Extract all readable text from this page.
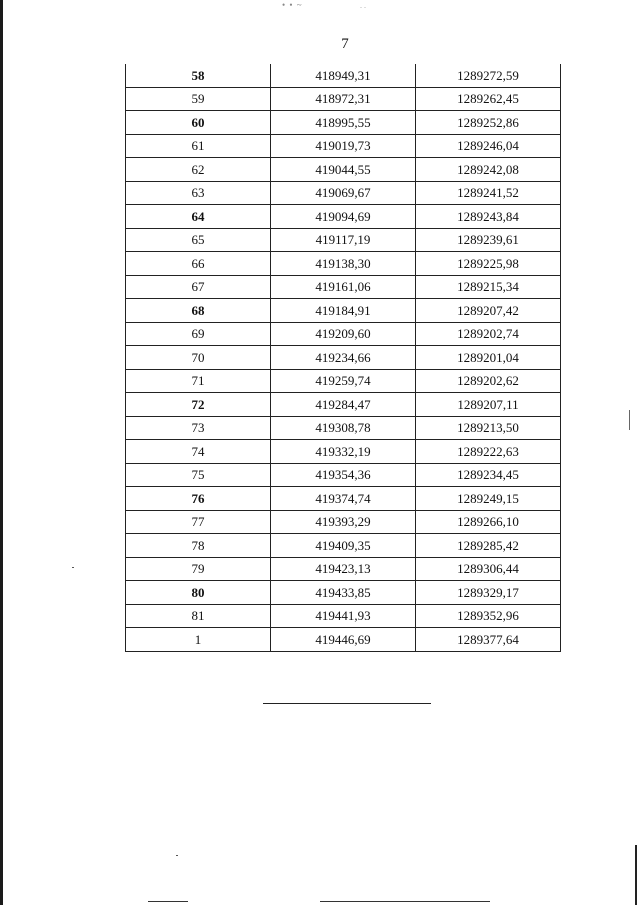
• • ~	. .
7
58	418949,31	1289272,59
59	418972,31	1289262,45
60	418995,55	1289252,86
61	419019,73	1289246,04
62	419044,55	1289242,08
63	419069,67	1289241,52
64	419094,69	1289243,84
65	419117,19	1289239,61
66	419138,30	1289225,98
67	419161,06	1289215,34
68	419184,91	1289207,42
69	419209,60	1289202,74
70	419234,66	1289201,04
71	419259,74	1289202,62
72	419284,47	1289207,11
73	419308,78	1289213,50
74	419332,19	1289222,63
75	419354,36	1289234,45
76	419374,74	1289249,15
77	419393,29	1289266,10
78	419409,35	1289285,42
79	419423,13	1289306,44
80	419433,85	1289329,17
81	419441,93	1289352,96
1	419446,69	1289377,64
